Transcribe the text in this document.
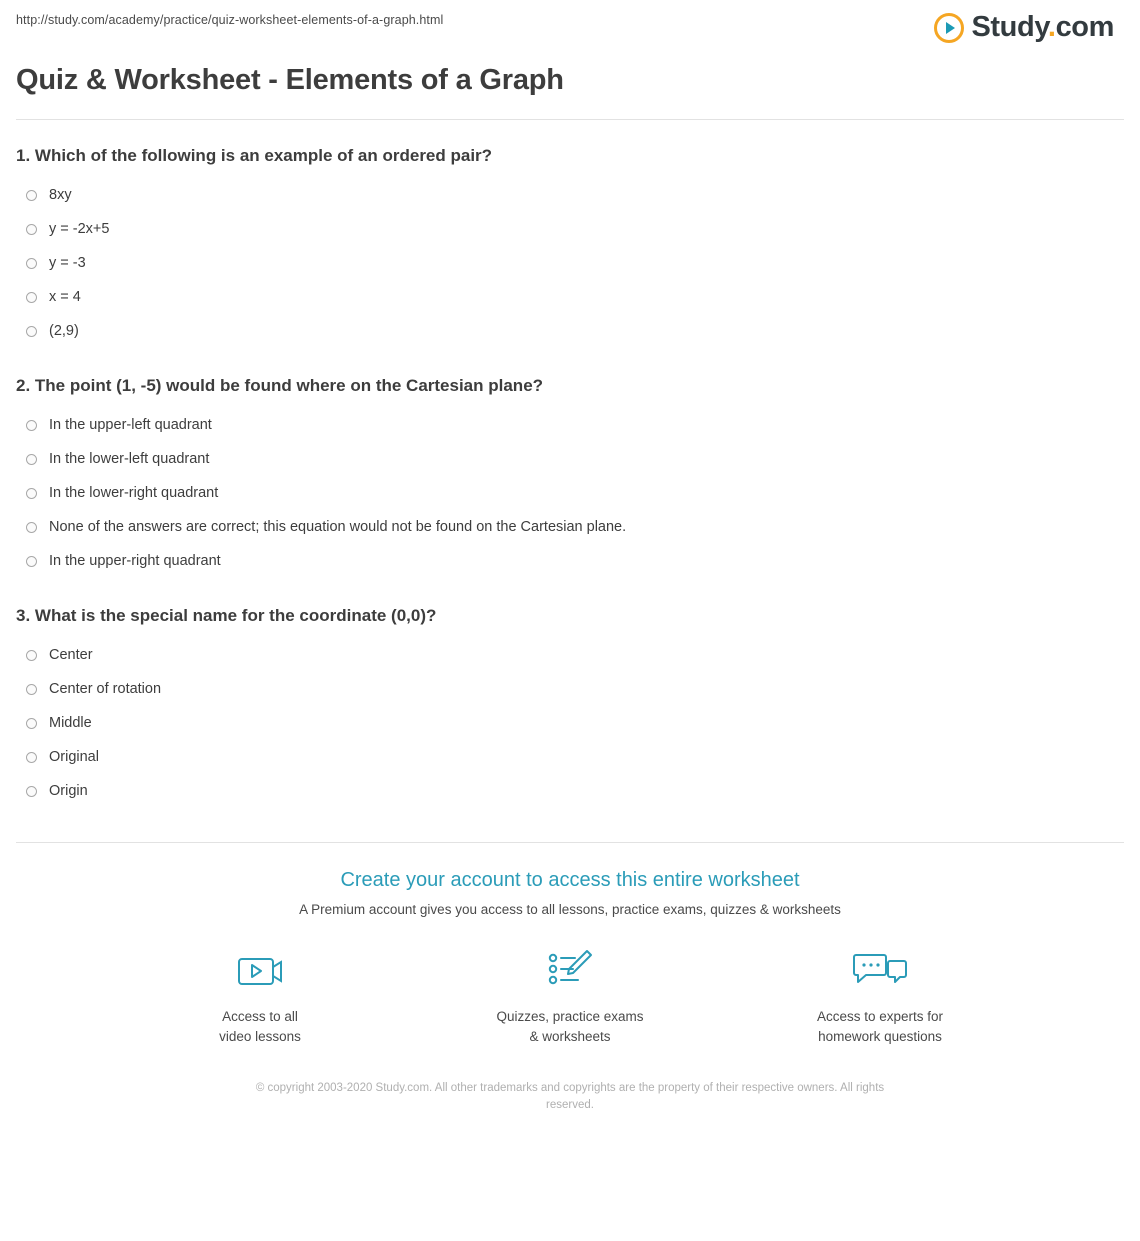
http://study.com/academy/practice/quiz-worksheet-elements-of-a-graph.html	Study.com
Quiz & Worksheet - Elements of a Graph

1. Which of the following is an example of an ordered pair?

8xy
y = -2x+5
y = -3
x = 4
(2,9)

2. The point (1, -5) would be found where on the Cartesian plane?

In the upper-left quadrant
In the lower-left quadrant
In the lower-right quadrant
None of the answers are correct; this equation would not be found on the Cartesian plane.
In the upper-right quadrant

3. What is the special name for the coordinate (0,0)?

Center
Center of rotation
Middle
Original
Origin

Create your account to access this entire worksheet

A Premium account gives you access to all lessons, practice exams, quizzes & worksheets

Access to all
video lessons
Quizzes, practice exams
& worksheets
Access to experts for
homework questions
© copyright 2003-2020 Study.com. All other trademarks and copyrights are the property of their respective owners. All rights reserved.
